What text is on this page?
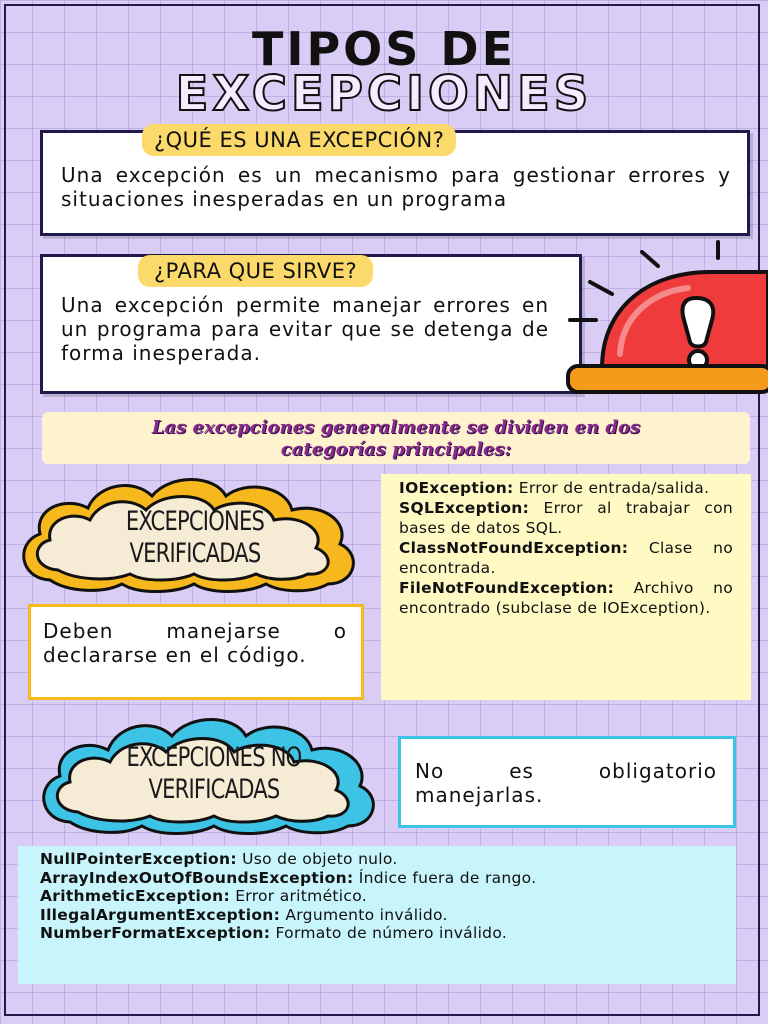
TIPOS DE
EXCEPCIONES
Una excepción es un mecanismo para gestionar errores y situaciones inesperadas en un programa
¿QUÉ ES UNA EXCEPCIÓN?
Una excepción permite manejar errores en un programa para evitar que se detenga de forma inesperada.
¿PARA QUE SIRVE?
Las excepciones generalmente se dividen en dos
categorías principales:
EXCEPCIONES
VERIFICADAS
Deben manejarse o declararse en el código.
IOException: Error de entrada/salida.
SQLException: Error al trabajar con bases de datos SQL.
ClassNotFoundException: Clase no encontrada.
FileNotFoundException: Archivo no encontrado (subclase de IOException).
EXCEPCIONES NO
VERIFICADAS
No es obligatorio manejarlas.
NullPointerException: Uso de objeto nulo.
ArrayIndexOutOfBoundsException: Índice fuera de rango.
ArithmeticException: Error aritmético.
IllegalArgumentException: Argumento inválido.
NumberFormatException: Formato de número inválido.
